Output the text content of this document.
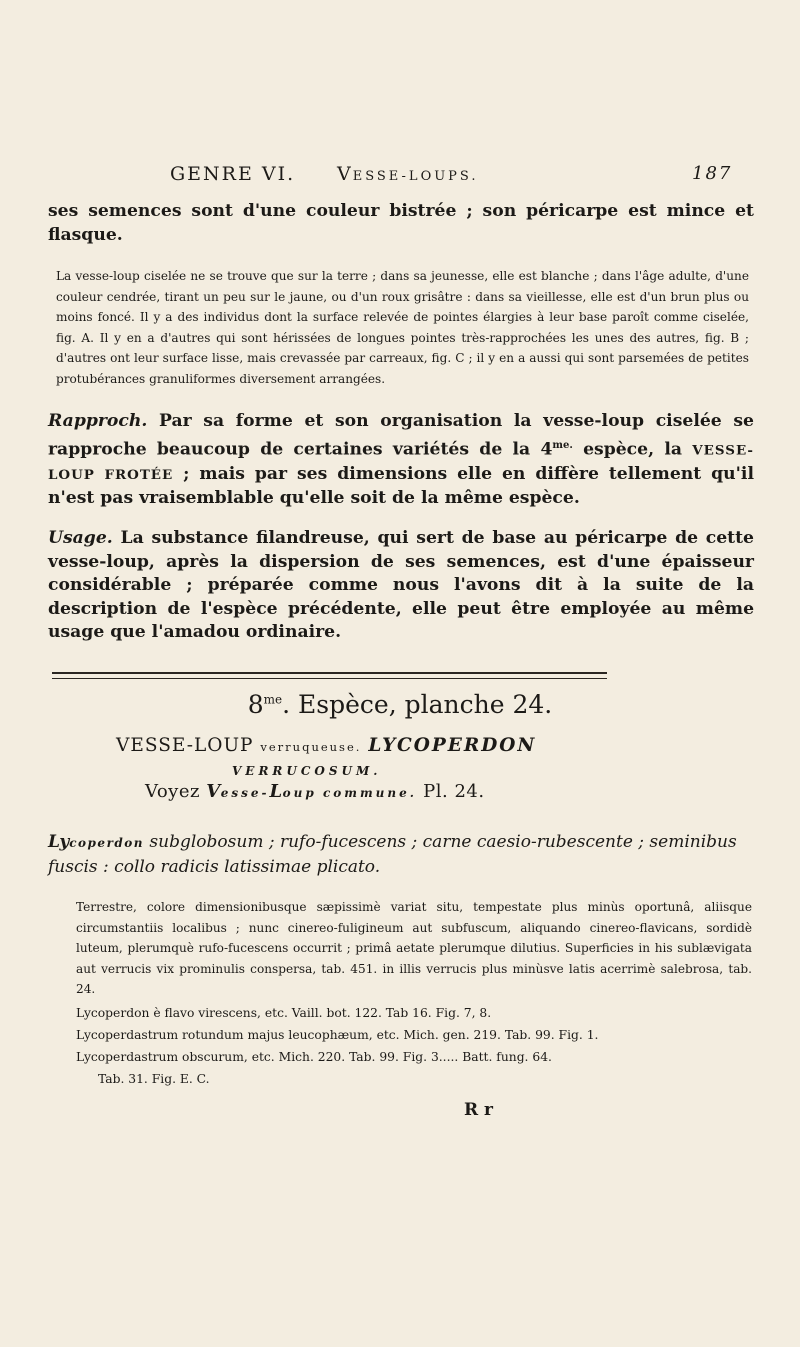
GENRE VI. VESSE-LOUPS.	187
ses semences sont d'une couleur bistrée ; son péricarpe est mince et flasque.
La vesse-loup ciselée ne se trouve que sur la terre ; dans sa jeunesse, elle est blanche ; dans l'âge adulte, d'une couleur cendrée, tirant un peu sur le jaune, ou d'un roux grisâtre : dans sa vieillesse, elle est d'un brun plus ou moins foncé. Il y a des individus dont la surface relevée de pointes élargies à leur base paroît comme ciselée, fig. A. Il y en a d'autres qui sont hérissées de longues pointes très-rapprochées les unes des autres, fig. B ; d'autres ont leur surface lisse, mais crevassée par carreaux, fig. C ; il y en a aussi qui sont parsemées de petites protubérances granuliformes diversement arrangées.
Rapproch. Par sa forme et son organisation la vesse-loup ciselée se rapproche beaucoup de certaines variétés de la $4^{me.}$ espèce, la VESSE-LOUP FROTÉE ; mais par ses dimensions elle en diffère tellement qu'il n'est pas vraisemblable qu'elle soit de la même espèce.
Usage. La substance filandreuse, qui sert de base au péricarpe de cette vesse-loup, après la dispersion de ses semences, est d'une épaisseur considérable ; préparée comme nous l'avons dit à la suite de la description de l'espèce précédente, elle peut être employée au même usage que l'amadou ordinaire.
$8^{me}$. Espèce, planche 24.
VESSE-LOUP verruqueuse. LYCOPERDON
VERRUCOSUM.
Voyez Vesse-Loup commune. Pl. 24.
Lycoperdon subglobosum ; rufo-fucescens ; carne caesio-rubescente ; seminibus fuscis : collo radicis latissimae plicato.
Terrestre, colore dimensionibusque sæpissimè variat situ, tempestate plus minùs oportunâ, aliisque circumstantiis localibus ; nunc cinereo-fuligineum aut subfuscum, aliquando cinereo-flavicans, sordidè luteum, plerumquè rufo-fucescens occurrit ; primâ aetate plerumque dilutius. Superficies in his sublævigata aut verrucis vix prominulis conspersa, tab. 451. in illis verrucis plus minùsve latis acerrimè salebrosa, tab. 24.
Lycoperdon è flavo virescens, etc. Vaill. bot. 122. Tab 16. Fig. 7, 8.
Lycoperdastrum rotundum majus leucophæum, etc. Mich. gen. 219. Tab. 99. Fig. 1.
Lycoperdastrum obscurum, etc. Mich. 220. Tab. 99. Fig. 3..... Batt. fung. 64.
Tab. 31. Fig. E. C.
R r
